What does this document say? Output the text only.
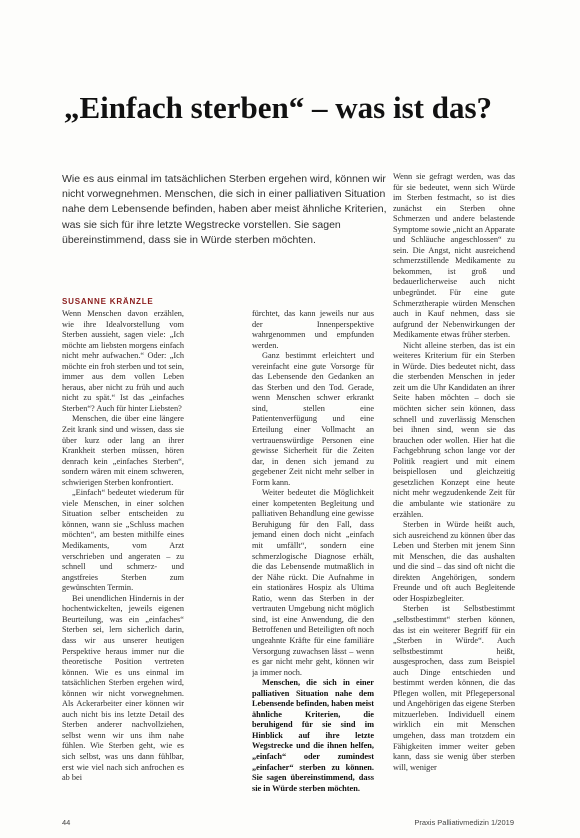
„Einfach sterben“ – was ist das?
Wie es aus einmal im tatsächlichen Sterben ergehen wird, können wir nicht vorwegnehmen. Menschen, die sich in einer palliativen Situation nahe dem Lebensende befinden, haben aber meist ähnliche Kriterien, was sie sich für ihre letzte Wegstrecke vorstellen. Sie sagen übereinstimmend, dass sie in Würde sterben möchten.
SUSANNE KRÄNZLE

Wenn Menschen davon erzählen, wie ihre Idealvorstellung vom Sterben aussieht, sagen viele: „Ich möchte am liebsten morgens einfach nicht mehr aufwachen.“ Oder: „Ich möchte ein froh sterben und tot sein, immer aus dem vollen Leben heraus, aber nicht zu früh und auch nicht zu spät.“ Ist das „einfaches Sterben“? Auch für hinter Liebsten?

Menschen, die über eine längere Zeit krank sind und wissen, dass sie über kurz oder lang an ihrer Krankheit sterben müssen, hören denrach kein „einfaches Sterben“, sondern wären mit einem schweren, schwierigen Sterben konfrontiert.

„Einfach“ bedeutet wiederum für viele Menschen, in einer solchen Situation selber entscheiden zu können, wann sie „Schluss machen möchten“, am besten mithilfe eines Medikaments, vom Arzt verschrieben und angeraten – zu schnell und schmerz- und angstfreies Sterben zum gewünschten Termin.

Bei unendlichen Hindernis in der hochentwickelten, jeweils eigenen Beurteilung, was ein „einfaches“ Sterben sei, lern sicherlich darin, dass wir aus unserer heutigen Perspektive heraus immer nur die theoretische Position vertreten können. Wie es uns einmal im tatsächlichen Sterben ergehen wird, können wir nicht vorwegnehmen. Als Ackerarbeiter einer können wir auch nicht bis ins letzte Detail des Sterben anderer nachvollziehen, selbst wenn wir uns ihm nahe fühlen. Wie Sterben geht, wie es sich selbst, was uns dann fühlbar, erst wie viel nach sich anfrochen es ab bei

fürchtet, das kann jeweils nur aus der Innenperspektive wahrgenommen und empfunden werden.

Ganz bestimmt erleichtert und vereinfacht eine gute Vorsorge für das Lebensende den Gedanken an das Sterben und den Tod. Gerade, wenn Menschen schwer erkrankt sind, stellen eine Patientenverfügung und eine Erteilung einer Vollmacht an vertrauenswürdige Personen eine gewisse Sicherheit für die Zeiten dar, in denen sich jemand zu gegebener Zeit nicht mehr selber in Form kann.

Weiter bedeutet die Möglichkeit einer kompetenten Begleitung und palliativen Behandlung eine gewisse Beruhigung für den Fall, dass jemand einen doch nicht „einfach mit umfällt“, sondern eine schmerzlogische Diagnose erhält, die das Lebensende mutmaßlich in der Nähe rückt. Die Aufnahme in ein stationäres Hospiz als Ultima Ratio, wenn das Sterben in der vertrauten Umgebung nicht möglich sind, ist eine Anwendung, die den Betroffenen und Beteiligten oft noch ungeahnte Kräfte für eine familiäre Versorgung zuwachsen lässt – wenn es gar nicht mehr geht, können wir ja immer noch.

Menschen, die sich in einer palliativen Situation nahe dem Lebensende befinden, haben meist ähnliche Kriterien, die beruhigend für sie sind im Hinblick auf ihre letzte Wegstrecke und die ihnen helfen, „einfach“ oder zumindest „einfacher“ sterben zu können. Sie sagen übereinstimmend, dass sie in Würde sterben möchten.

Wenn sie gefragt werden, was das für sie bedeutet, wenn sich Würde im Sterben festmacht, so ist dies zunächst ein Sterben ohne Schmerzen und andere belastende Symptome sowie „nicht an Apparate und Schläuche angeschlossen“ zu sein. Die Angst, nicht ausreichend schmerzstillende Medikamente zu bekommen, ist groß und bedauerlicherweise auch nicht unbegründet. Für eine gute Schmerztherapie würden Menschen auch in Kauf nehmen, dass sie aufgrund der Nebenwirkungen der Medikamente etwas früher sterben.

Nicht alleine sterben, das ist ein weiteres Kriterium für ein Sterben in Würde. Dies bedeutet nicht, dass die sterbenden Menschen in jeder zeit um die Uhr Kandidaten an ihrer Seite haben möchten – doch sie möchten sicher sein können, dass schnell und zuverlässig Menschen bei ihnen sind, wenn sie das brauchen oder wollen. Hier hat die Fachgebhrung schon lange vor der Politik reagiert und mit einem beispiellosen und gleichzeitig gesetzlichen Konzept eine heute nicht mehr wegzudenkende Zeit für die ambulante wie stationäre zu erzählen.

Sterben in Würde heißt auch, sich ausreichend zu können über das Leben und Sterben mit jenem Sinn mit Menschen, die das aushalten und die sind – das sind oft nicht die direkten Angehörigen, sondern Freunde und oft auch Begleitende oder Hospizbegleiter.

Sterben ist Selbstbestimmt „selbstbestimmt“ sterben können, das ist ein weiterer Begriff für ein „Sterben in Würde“. Auch selbstbestimmt heißt, ausgesprochen, dass zum Beispiel auch Dinge entschieden und bestimmt werden können, die das Pflegen wollen, mit Pflegepersonal und Angehörigen das eigene Sterben mitzuerleben. Individuell einem wirklich ein mit Menschen umgehen, dass man trotzdem ein Fähigkeiten immer weiter geben kann, dass sie wenig über sterben will, weniger

44	Praxis Palliativmedizin 1/2019
